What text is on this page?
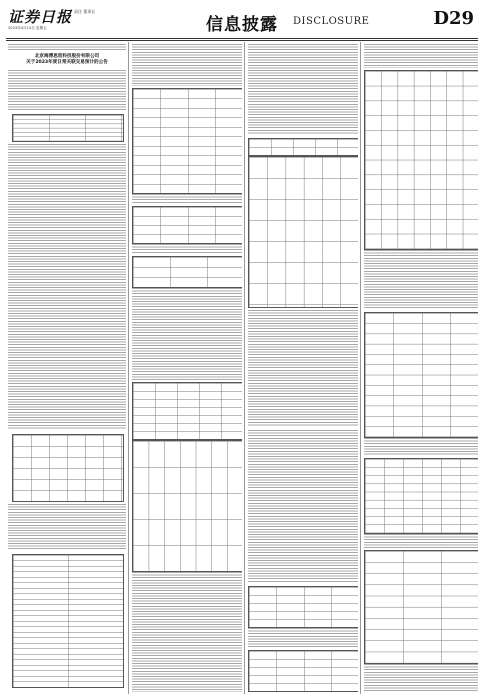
证券日报 责任 董事长
2023年4月14日 星期五	信息披露 DISCLOSURE	D29
北京海博思创科技股份有限公司
关于2023年度日常关联交易预计的公告
